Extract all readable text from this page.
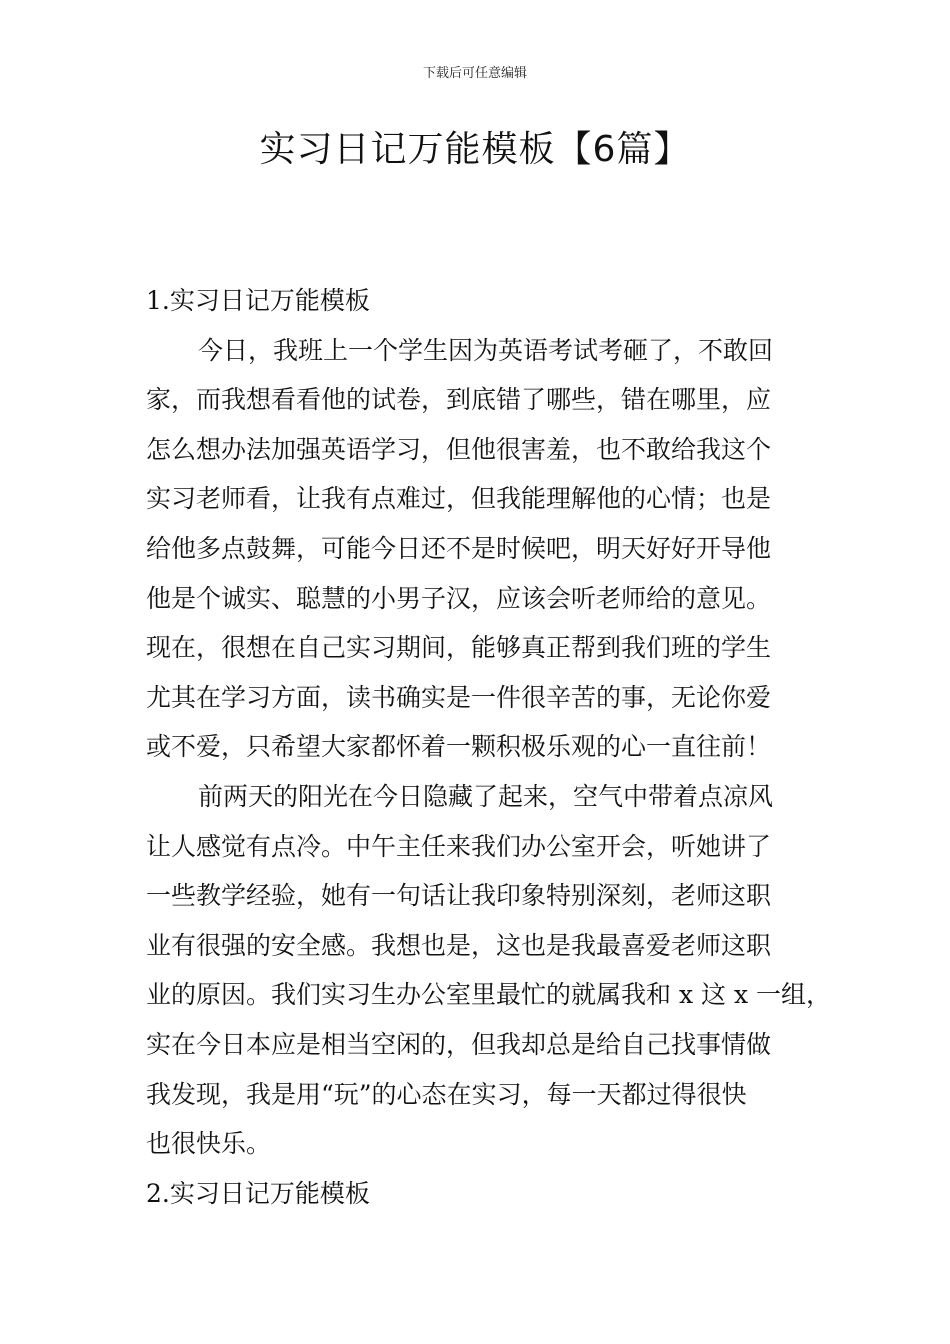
下载后可任意编辑
实习日记万能模板【6篇】
1.实习日记万能模板
今日，我班上一个学生因为英语考试考砸了，不敢回
家，而我想看看他的试卷，到底错了哪些，错在哪里，应
怎么想办法加强英语学习，但他很害羞，也不敢给我这个
实习老师看，让我有点难过，但我能理解他的心情；也是
给他多点鼓舞，可能今日还不是时候吧，明天好好开导他
他是个诚实、聪慧的小男子汉，应该会听老师给的意见。
现在，很想在自己实习期间，能够真正帮到我们班的学生
尤其在学习方面，读书确实是一件很辛苦的事，无论你爱
或不爱，只希望大家都怀着一颗积极乐观的心一直往前！
前两天的阳光在今日隐藏了起来，空气中带着点凉风
让人感觉有点冷。中午主任来我们办公室开会，听她讲了
一些教学经验，她有一句话让我印象特别深刻，老师这职
业有很强的安全感。我想也是，这也是我最喜爱老师这职
业的原因。我们实习生办公室里最忙的就属我和 x 这 x 一组，
实在今日本应是相当空闲的，但我却总是给自己找事情做
我发现，我是用“玩”的心态在实习，每一天都过得很快
也很快乐。
2.实习日记万能模板
